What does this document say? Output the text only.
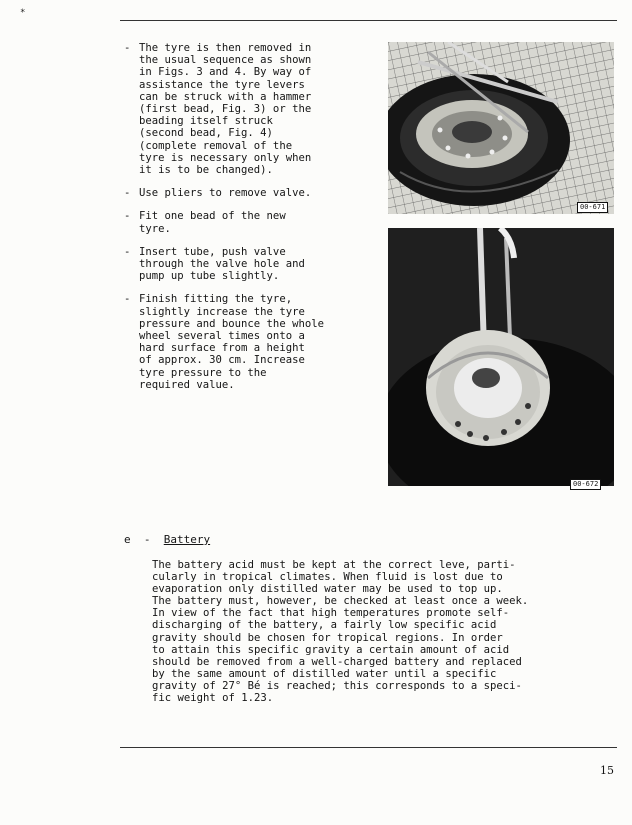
*
- The tyre is then removed in
the usual sequence as shown
in Figs. 3 and 4. By way of
assistance the tyre levers
can be struck with a hammer
(first bead, Fig. 3) or the
beading itself struck
(second bead, Fig. 4)
(complete removal of the
tyre is necessary only when
it is to be changed).
- Use pliers to remove valve.
- Fit one bead of the new
tyre.
- Insert tube, push valve
through the valve hole and
pump up tube slightly.
- Finish fitting the tyre,
slightly increase the tyre
pressure and bounce the whole
wheel several times onto a
hard surface from a height
of approx. 30 cm. Increase
tyre pressure to the
required value.
00-671
00-672
e  -  Battery
The battery acid must be kept at the correct leve, parti-
cularly in tropical climates. When fluid is lost due to
evaporation only distilled water may be used to top up.
The battery must, however, be checked at least once a week.
In view of the fact that high temperatures promote self-
discharging of the battery, a fairly low specific acid
gravity should be chosen for tropical regions. In order
to attain this specific gravity a certain amount of acid
should be removed from a well-charged battery and replaced
by the same amount of distilled water until a specific
gravity of 27° Bé is reached; this corresponds to a speci-
fic weight of 1.23.
15
